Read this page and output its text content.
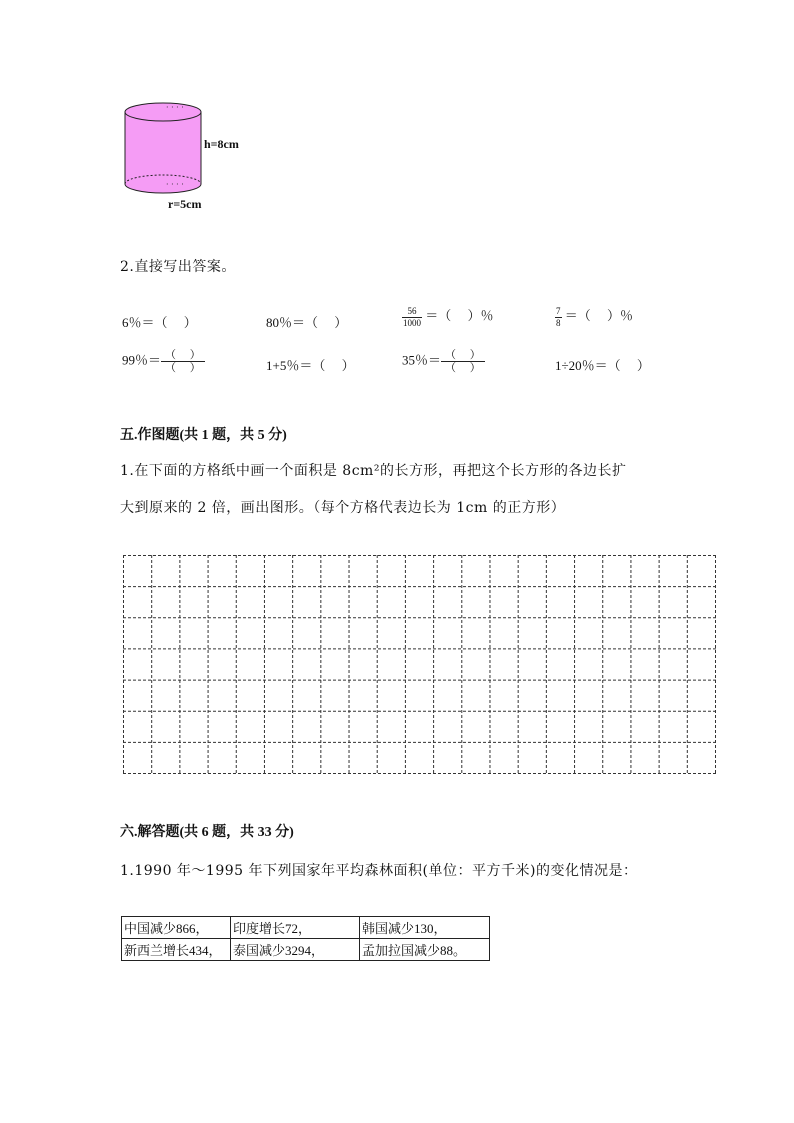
· · · ·
· · · ·
h=8cm
r=5cm
2.直接写出答案。
6％＝（　 ）	80％＝（　 ）	$\frac{56}{1000}$ ＝（　 ）％	$\frac{7}{8}$ ＝（　 ）％
99％＝ $\frac{( )}{( )}$	1+5％＝（　 ）	35％＝ $\frac{( )}{( )}$	1÷20％＝（　 ）
五.作图题(共 1 题，共 5 分)
1.在下面的方格纸中画一个面积是 8cm²的长方形，再把这个长方形的各边长扩
大到原来的 2 倍，画出图形。（每个方格代表边长为 1cm 的正方形）
六.解答题(共 6 题，共 33 分)
1.1990 年～1995 年下列国家年平均森林面积(单位：平方千米)的变化情况是：
中国减少866，	印度增长72，	韩国减少130，
新西兰增长434，	泰国减少3294，	孟加拉国减少88。
